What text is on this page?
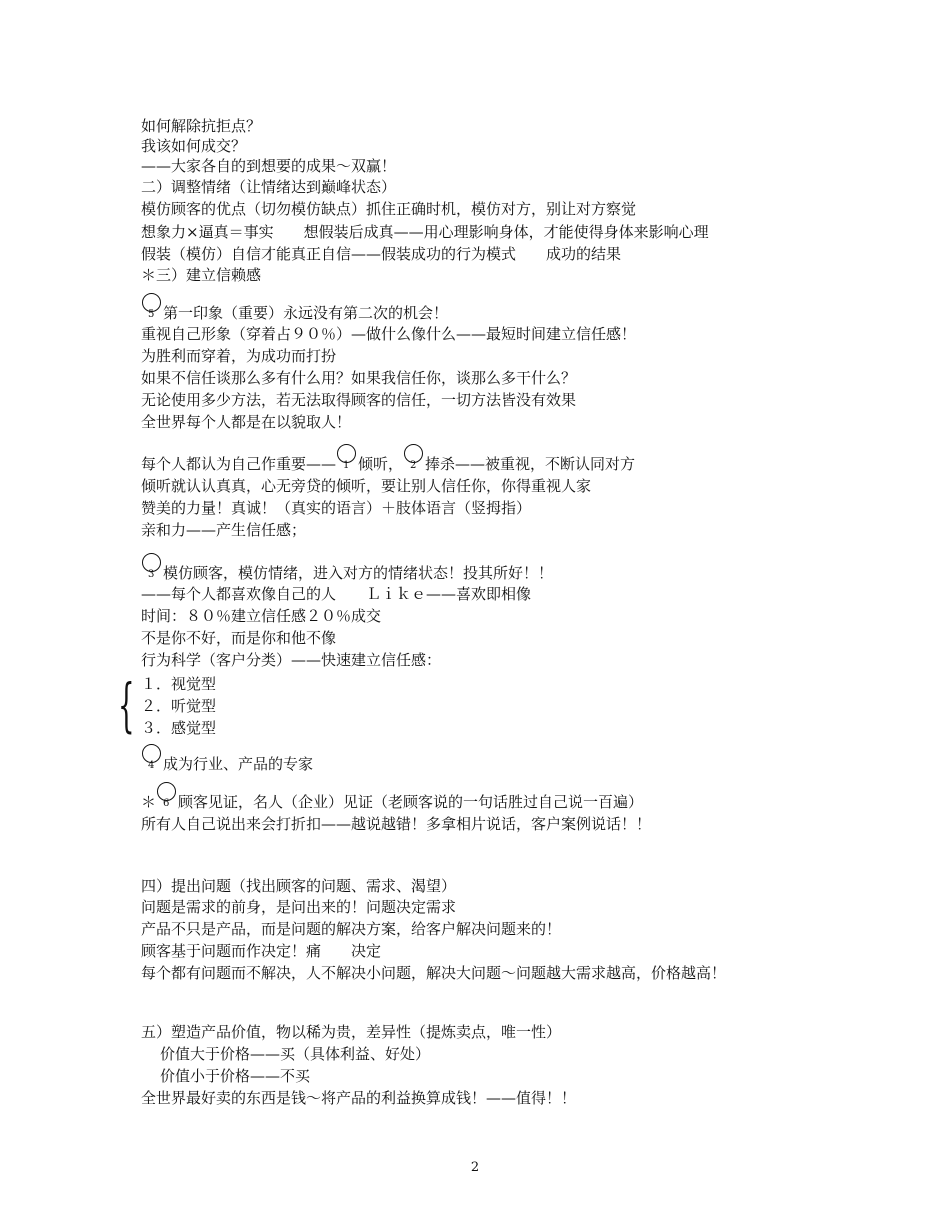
如何解除抗拒点？
我该如何成交？
——大家各自的到想要的成果～双赢！
二）调整情绪（让情绪达到巅峰状态）
模仿顾客的优点（切勿模仿缺点）抓住正确时机，模仿对方，别让对方察觉
想象力×逼真＝事实　　想假装后成真——用心理影响身体，才能使得身体来影响心理
假装（模仿）自信才能真正自信——假装成功的行为模式　　成功的结果
＊三）建立信赖感
5 第一印象（重要）永远没有第二次的机会！
重视自己形象（穿着占９０％）—做什么像什么——最短时间建立信任感！
为胜利而穿着，为成功而打扮
如果不信任谈那么多有什么用？如果我信任你，谈那么多干什么？
无论使用多少方法，若无法取得顾客的信任，一切方法皆没有效果
全世界每个人都是在以貌取人！
每个人都认为自己作重要—— 1 倾听， 2 捧杀——被重视，不断认同对方
倾听就认认真真，心无旁贷的倾听，要让别人信任你，你得重视人家
赞美的力量！真诚！（真实的语言）＋肢体语言（竖拇指）
亲和力——产生信任感；
3 模仿顾客，模仿情绪，进入对方的情绪状态！投其所好！！
——每个人都喜欢像自己的人　　Ｌｉｋｅ——喜欢即相像
时间：８０％建立信任感２０％成交
不是你不好，而是你和他不像
行为科学（客户分类）——快速建立信任感：
{ １．视觉型
２．听觉型
３．感觉型
4 成为行业、产品的专家
＊ 6 顾客见证，名人（企业）见证（老顾客说的一句话胜过自己说一百遍）
所有人自己说出来会打折扣——越说越错！多拿相片说话，客户案例说话！！
四）提出问题（找出顾客的问题、需求、渴望）
问题是需求的前身，是问出来的！问题决定需求
产品不只是产品，而是问题的解决方案，给客户解决问题来的！
顾客基于问题而作决定！痛　　决定
每个都有问题而不解决，人不解决小问题，解决大问题～问题越大需求越高，价格越高！
五）塑造产品价值，物以稀为贵，差异性（提炼卖点，唯一性）
价值大于价格——买（具体利益、好处）
价值小于价格——不买
全世界最好卖的东西是钱～将产品的利益换算成钱！——值得！！
2
